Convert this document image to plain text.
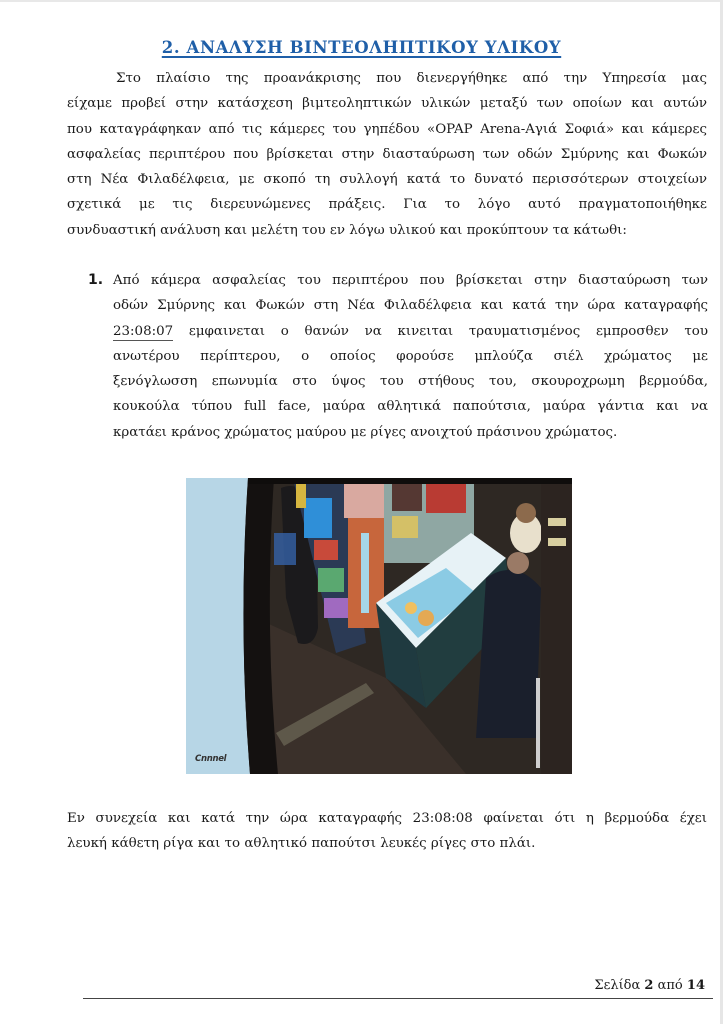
2. ΑΝΑΛΥΣΗ ΒΙΝΤΕΟΛΗΠΤΙΚΟΥ ΥΛΙΚΟΥ
Στο πλαίσιο της προανάκρισης που διενεργήθηκε από την Υπηρεσία μας
είχαμε προβεί στην κατάσχεση βιμτεοληπτικών υλικών μεταξύ των οποίων και αυτών
που καταγράφηκαν από τις κάμερες του γηπέδου «OPAP Arena-Αγιά Σοφιά» και κάμερες
ασφαλείας περιπτέρου που βρίσκεται στην διασταύρωση των οδών Σμύρνης και Φωκών
στη Νέα Φιλαδέλφεια, με σκοπό τη συλλογή κατά το δυνατό περισσότερων στοιχείων
σχετικά με τις διερευνώμενες πράξεις. Για το λόγο αυτό πραγματοποιήθηκε
συνδυαστική ανάλυση και μελέτη του εν λόγω υλικού και προκύπτουν τα κάτωθι:
1. Από κάμερα ασφαλείας του περιπτέρου που βρίσκεται στην διασταύρωση των
οδών Σμύρνης και Φωκών στη Νέα Φιλαδέλφεια και κατά την ώρα καταγραφής
23:08:07 εμφαινεται ο θανών να κινειται τραυματισμένος εμπροσθεν του
ανωτέρου περίπτερου, ο οποίος φορούσε μπλούζα σιέλ χρώματος με
ξενόγλωσση επωνυμία στο ύψος του στήθους του, σκουροχρωμη βερμούδα,
κουκούλα τύπου full face, μαύρα αθλητικά παπούτσια, μαύρα γάντια και να
κρατάει κράνος χρώματος μαύρου με ρίγες ανοιχτού πράσινου χρώματος.
Cnnnel
Εν συνεχεία και κατά την ώρα καταγραφής 23:08:08 φαίνεται ότι η βερμούδα έχει
λευκή κάθετη ρίγα και το αθλητικό παπούτσι λευκές ρίγες στο πλάι.
Σελίδα 2 από 14
